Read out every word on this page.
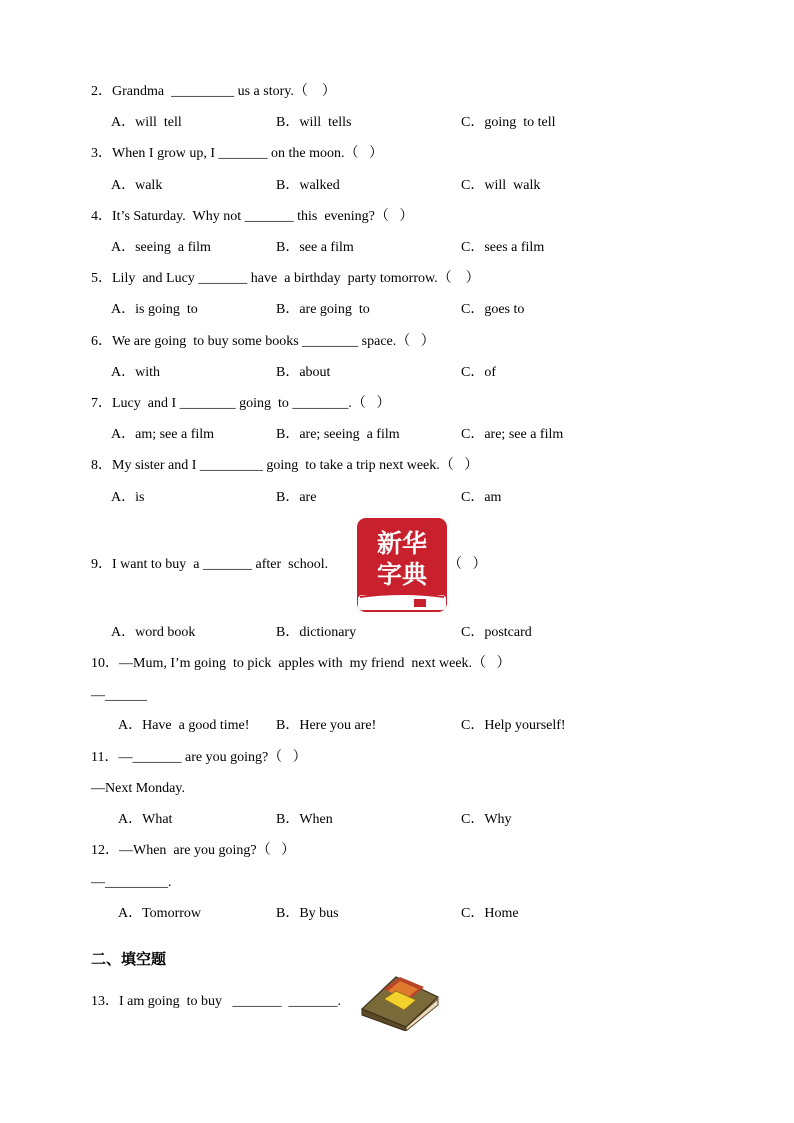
2．Grandma  _________ us a story.（    ）
A．will  tell	B．will  tells	C．going  to tell
3．When I grow up, I _______ on the moon.（   ）
A．walk	B．walked	C．will  walk
4．It’s Saturday.  Why not _______ this  evening?（   ）
A．seeing  a film	B．see a film	C．sees a film
5．Lily  and Lucy _______ have  a birthday  party tomorrow.（    ）
A．is going  to	B．are going  to	C．goes to
6．We are going  to buy some books ________ space.（   ）
A．with	B．about	C．of
7．Lucy  and I ________ going  to ________.（   ）
A．am; see a film	B．are; seeing  a film	C．are; see a film
8．My sister and I _________ going  to take a trip next week.（   ）
A．is	B．are	C．am
9．I want to buy  a _______ after  school.
新华
字典 （   ）
A．word book	B．dictionary	C．postcard
10．—Mum, I’m going  to pick  apples with  my friend  next week.（   ）
—______
A．Have  a good time! B．Here you are!	C．Help yourself!
11．—_______ are you going?（   ）
—Next Monday.
A．What	B．When	C．Why
12．—When  are you going?（   ）
—_________.
A．Tomorrow	B．By bus	C．Home
二、填空题
13．I am going  to buy   _______  _______.
